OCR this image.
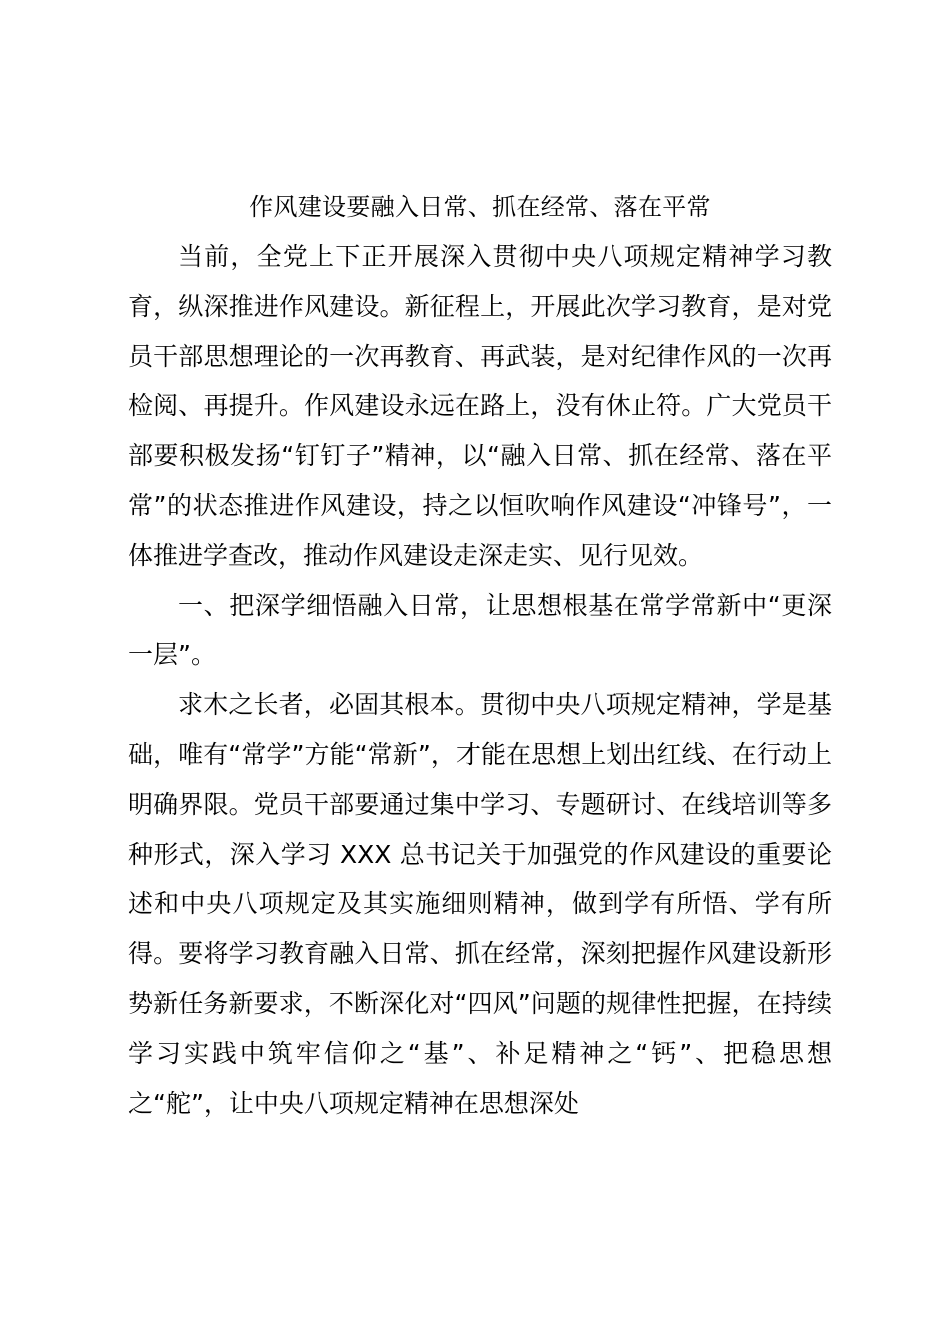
作风建设要融入日常、抓在经常、落在平常

当前，全党上下正开展深入贯彻中央八项规定精神学习教育，纵深推进作风建设。新征程上，开展此次学习教育，是对党员干部思想理论的一次再教育、再武装，是对纪律作风的一次再检阅、再提升。作风建设永远在路上，没有休止符。广大党员干部要积极发扬“钉钉子”精神，以“融入日常、抓在经常、落在平常”的状态推进作风建设，持之以恒吹响作风建设“冲锋号”，一体推进学查改，推动作风建设走深走实、见行见效。

一、把深学细悟融入日常，让思想根基在常学常新中“更深一层”。

求木之长者，必固其根本。贯彻中央八项规定精神，学是基础，唯有“常学”方能“常新”，才能在思想上划出红线、在行动上明确界限。党员干部要通过集中学习、专题研讨、在线培训等多种形式，深入学习 XXX 总书记关于加强党的作风建设的重要论述和中央八项规定及其实施细则精神，做到学有所悟、学有所得。要将学习教育融入日常、抓在经常，深刻把握作风建设新形势新任务新要求，不断深化对“四风”问题的规律性把握，在持续学习实践中筑牢信仰之“基”、补足精神之“钙”、把稳思想之“舵”，让中央八项规定精神在思想深处
